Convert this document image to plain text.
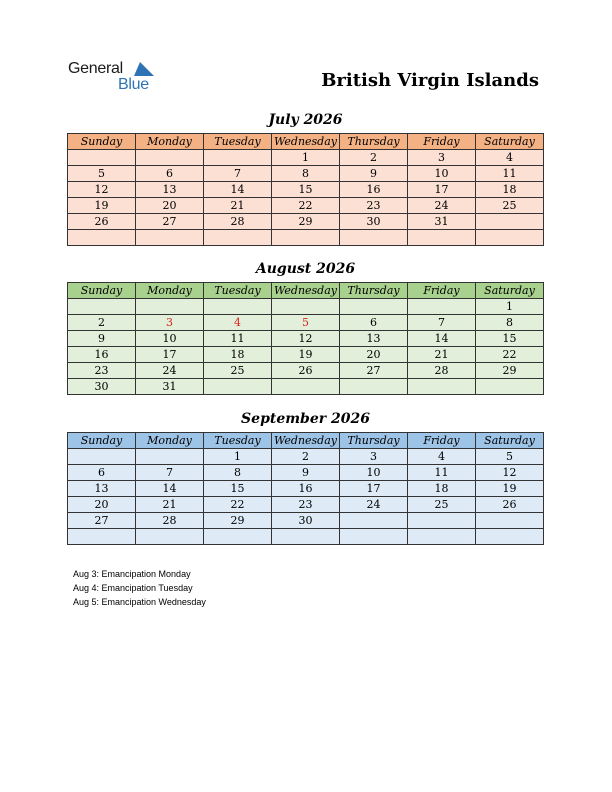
General
Blue	British Virgin Islands
July 2026
Sunday	Monday	Tuesday	Wednesday	Thursday	Friday	Saturday
			1	2	3	4
5	6	7	8	9	10	11
12	13	14	15	16	17	18
19	20	21	22	23	24	25
26	27	28	29	30	31	

August 2026
Sunday	Monday	Tuesday	Wednesday	Thursday	Friday	Saturday
						1
2	3	4	5	6	7	8
9	10	11	12	13	14	15
16	17	18	19	20	21	22
23	24	25	26	27	28	29
30	31					
September 2026
Sunday	Monday	Tuesday	Wednesday	Thursday	Friday	Saturday
		1	2	3	4	5
6	7	8	9	10	11	12
13	14	15	16	17	18	19
20	21	22	23	24	25	26
27	28	29	30			

Aug 3: Emancipation Monday
Aug 4: Emancipation Tuesday
Aug 5: Emancipation Wednesday
